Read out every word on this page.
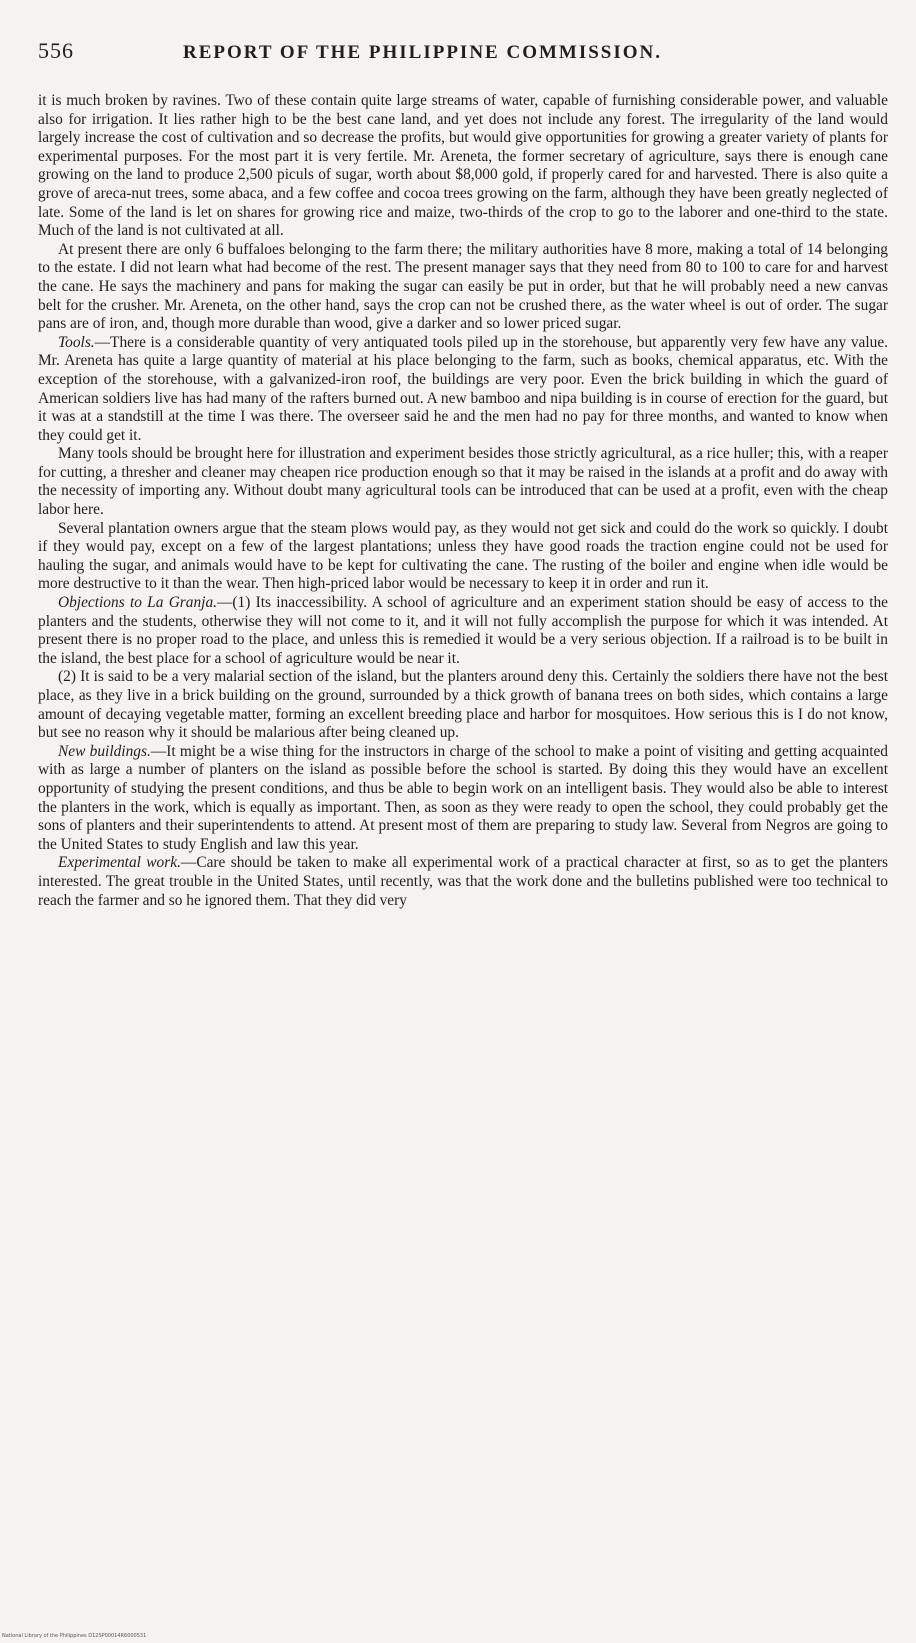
556	REPORT OF THE PHILIPPINE COMMISSION.

it is much broken by ravines. Two of these contain quite large streams of water, capable of furnishing considerable power, and valuable also for irrigation. It lies rather high to be the best cane land, and yet does not include any forest. The irregularity of the land would largely increase the cost of cultivation and so decrease the profits, but would give opportunities for growing a greater variety of plants for experimental purposes. For the most part it is very fertile. Mr. Areneta, the former secretary of agriculture, says there is enough cane growing on the land to produce 2,500 piculs of sugar, worth about $8,000 gold, if properly cared for and harvested. There is also quite a grove of areca-nut trees, some abaca, and a few coffee and cocoa trees growing on the farm, although they have been greatly neglected of late. Some of the land is let on shares for growing rice and maize, two-thirds of the crop to go to the laborer and one-third to the state. Much of the land is not cultivated at all.

At present there are only 6 buffaloes belonging to the farm there; the military authorities have 8 more, making a total of 14 belonging to the estate. I did not learn what had become of the rest. The present manager says that they need from 80 to 100 to care for and harvest the cane. He says the machinery and pans for making the sugar can easily be put in order, but that he will probably need a new canvas belt for the crusher. Mr. Areneta, on the other hand, says the crop can not be crushed there, as the water wheel is out of order. The sugar pans are of iron, and, though more durable than wood, give a darker and so lower priced sugar.

Tools.—There is a considerable quantity of very antiquated tools piled up in the storehouse, but apparently very few have any value. Mr. Areneta has quite a large quantity of material at his place belonging to the farm, such as books, chemical apparatus, etc. With the exception of the storehouse, with a galvanized-iron roof, the buildings are very poor. Even the brick building in which the guard of American soldiers live has had many of the rafters burned out. A new bamboo and nipa building is in course of erection for the guard, but it was at a standstill at the time I was there. The overseer said he and the men had no pay for three months, and wanted to know when they could get it.

Many tools should be brought here for illustration and experiment besides those strictly agricultural, as a rice huller; this, with a reaper for cutting, a thresher and cleaner may cheapen rice production enough so that it may be raised in the islands at a profit and do away with the necessity of importing any. Without doubt many agricultural tools can be introduced that can be used at a profit, even with the cheap labor here.

Several plantation owners argue that the steam plows would pay, as they would not get sick and could do the work so quickly. I doubt if they would pay, except on a few of the largest plantations; unless they have good roads the traction engine could not be used for hauling the sugar, and animals would have to be kept for cultivating the cane. The rusting of the boiler and engine when idle would be more destructive to it than the wear. Then high-priced labor would be necessary to keep it in order and run it.

Objections to La Granja.—(1) Its inaccessibility. A school of agriculture and an experiment station should be easy of access to the planters and the students, otherwise they will not come to it, and it will not fully accomplish the purpose for which it was intended. At present there is no proper road to the place, and unless this is remedied it would be a very serious objection. If a railroad is to be built in the island, the best place for a school of agriculture would be near it.

(2) It is said to be a very malarial section of the island, but the planters around deny this. Certainly the soldiers there have not the best place, as they live in a brick building on the ground, surrounded by a thick growth of banana trees on both sides, which contains a large amount of decaying vegetable matter, forming an excellent breeding place and harbor for mosquitoes. How serious this is I do not know, but see no reason why it should be malarious after being cleaned up.

New buildings.—It might be a wise thing for the instructors in charge of the school to make a point of visiting and getting acquainted with as large a number of planters on the island as possible before the school is started. By doing this they would have an excellent opportunity of studying the present conditions, and thus be able to begin work on an intelligent basis. They would also be able to interest the planters in the work, which is equally as important. Then, as soon as they were ready to open the school, they could probably get the sons of planters and their superintendents to attend. At present most of them are preparing to study law. Several from Negros are going to the United States to study English and law this year.

Experimental work.—Care should be taken to make all experimental work of a practical character at first, so as to get the planters interested. The great trouble in the United States, until recently, was that the work done and the bulletins published were too technical to reach the farmer and so he ignored them. That they did very

National Library of the Philippines D12SP00014R6000531
